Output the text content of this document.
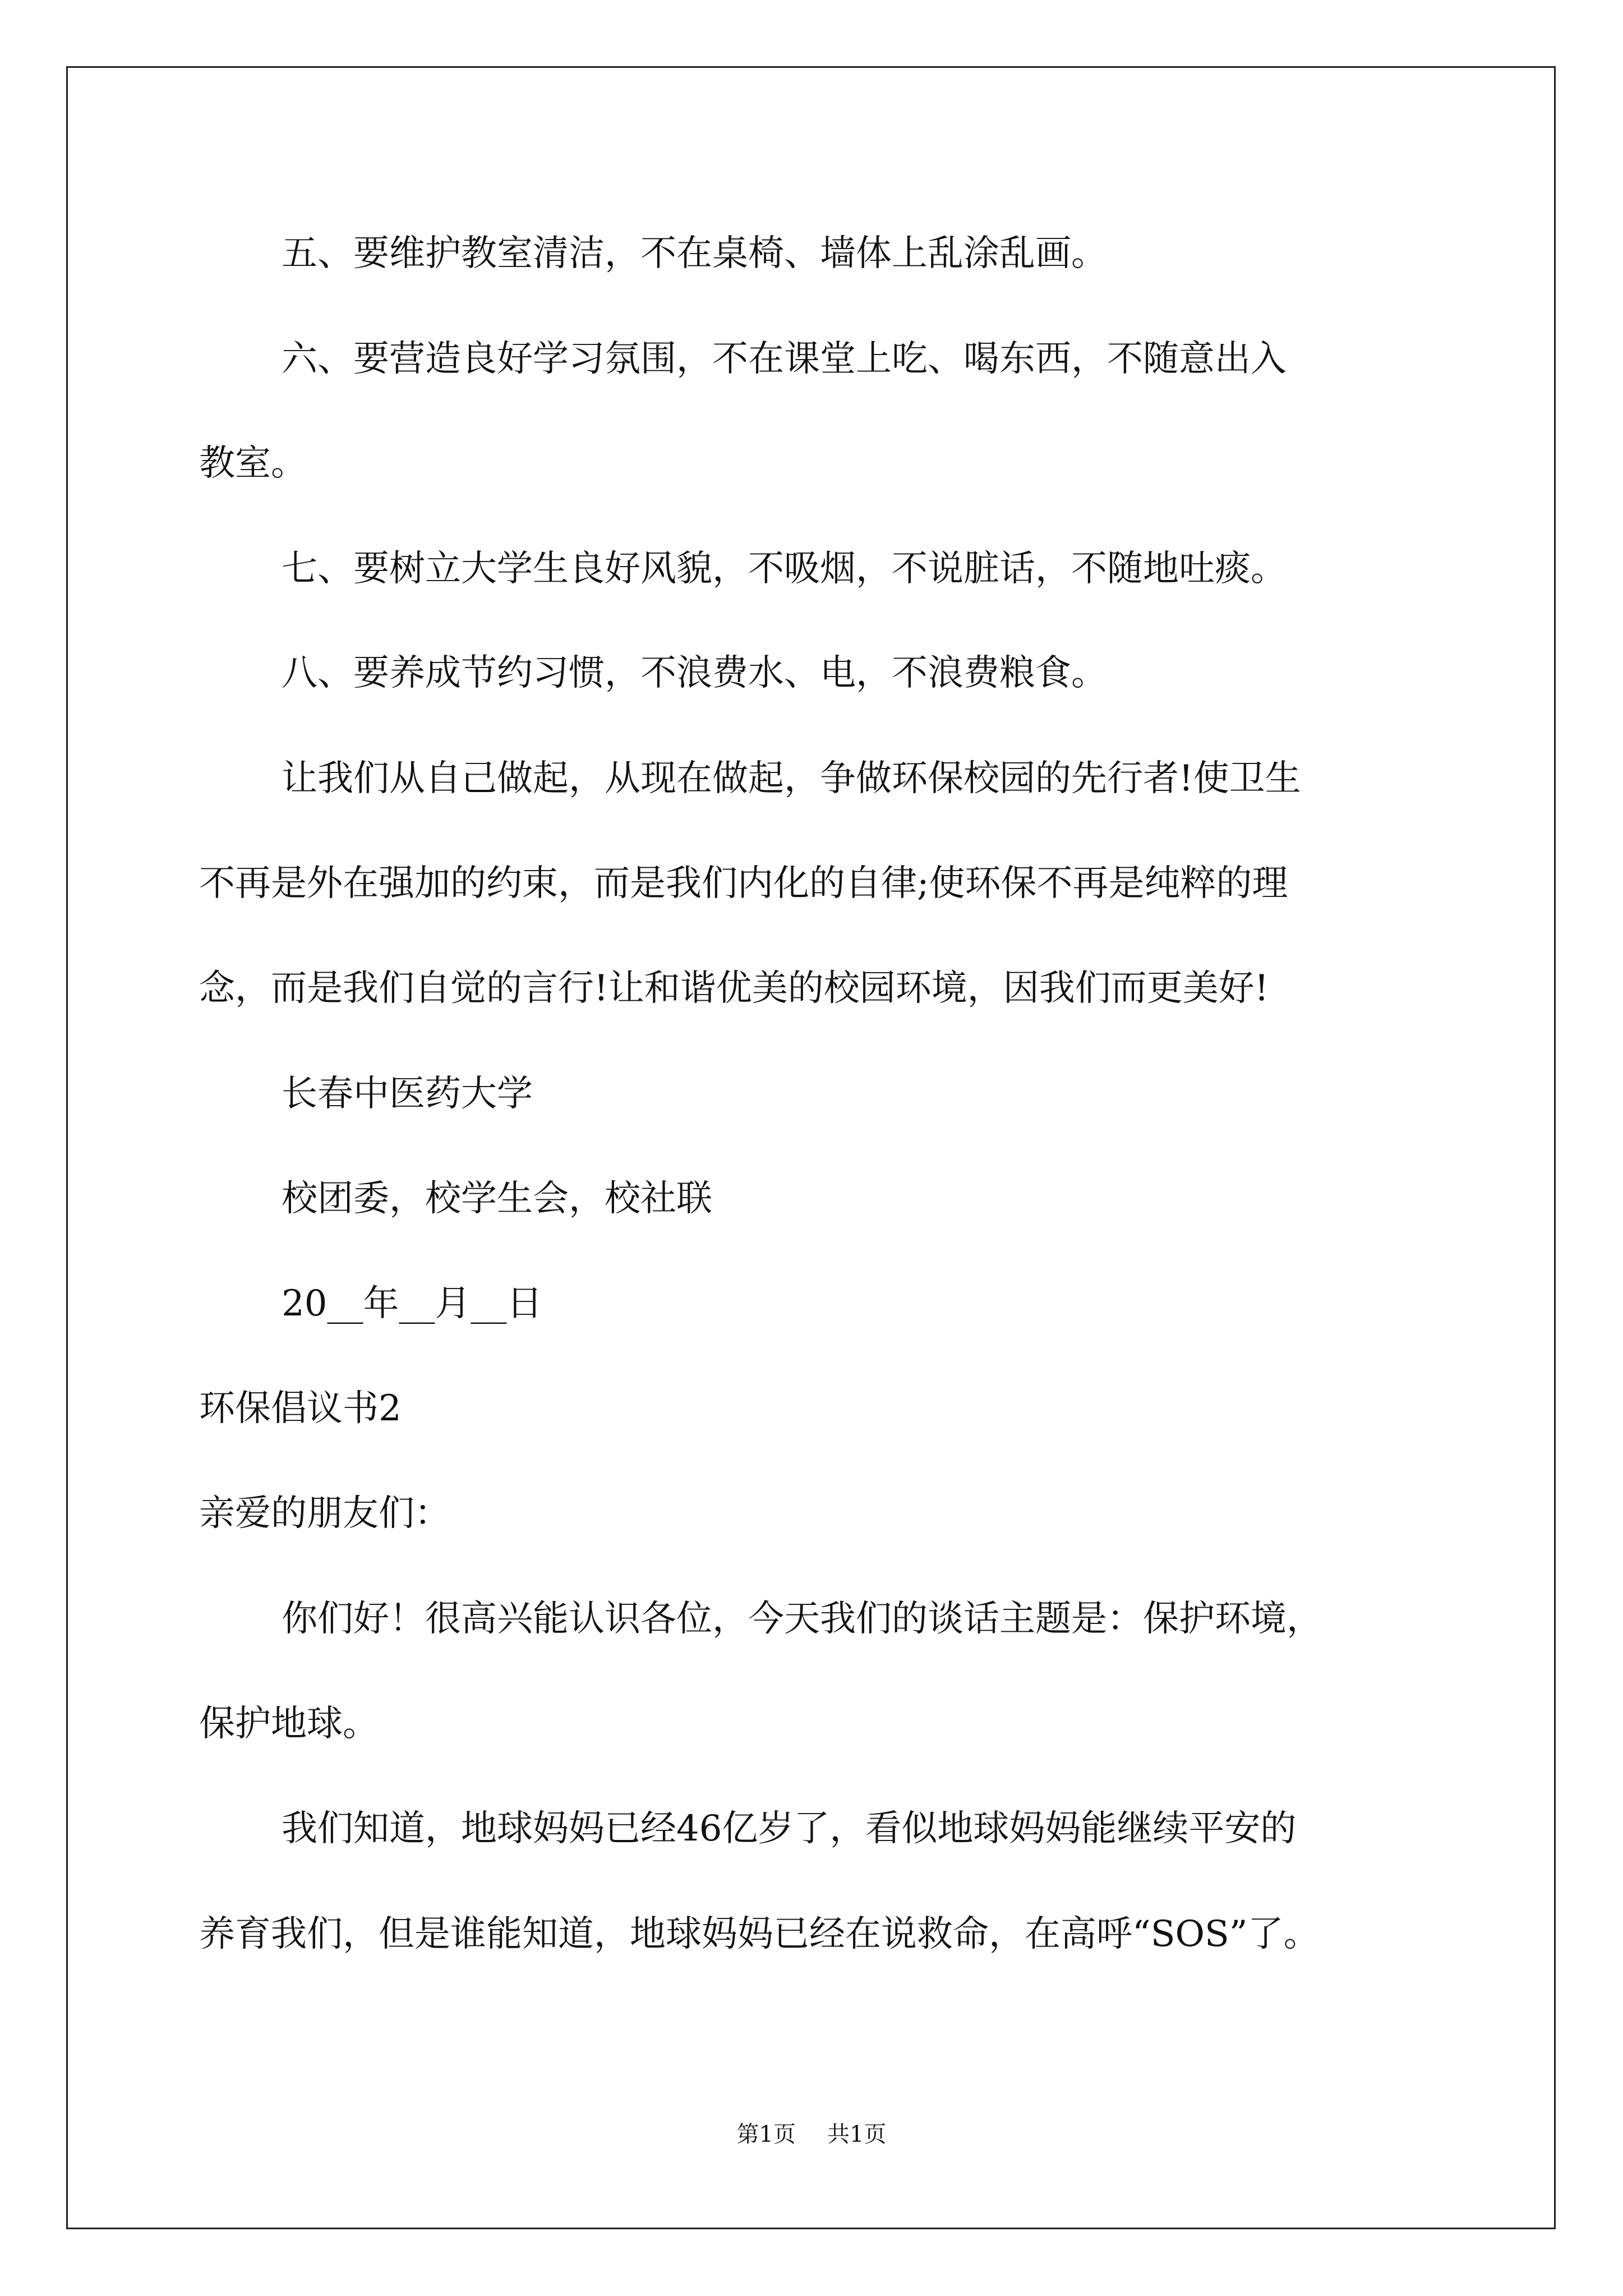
五、要维护教室清洁，不在桌椅、墙体上乱涂乱画。
六、要营造良好学习氛围，不在课堂上吃、喝东西，不随意出入
教室。
七、要树立大学生良好风貌，不吸烟，不说脏话，不随地吐痰。
八、要养成节约习惯，不浪费水、电，不浪费粮食。
让我们从自己做起，从现在做起，争做环保校园的先行者!使卫生
不再是外在强加的约束，而是我们内化的自律;使环保不再是纯粹的理
念，而是我们自觉的言行!让和谐优美的校园环境，因我们而更美好!
长春中医药大学
校团委，校学生会，校社联
20__年__月__日
环保倡议书2
亲爱的朋友们：
你们好！很高兴能认识各位，今天我们的谈话主题是：保护环境，
保护地球。
我们知道，地球妈妈已经46亿岁了，看似地球妈妈能继续平安的
养育我们，但是谁能知道，地球妈妈已经在说救命，在高呼“SOS”了。
第1页 共1页
